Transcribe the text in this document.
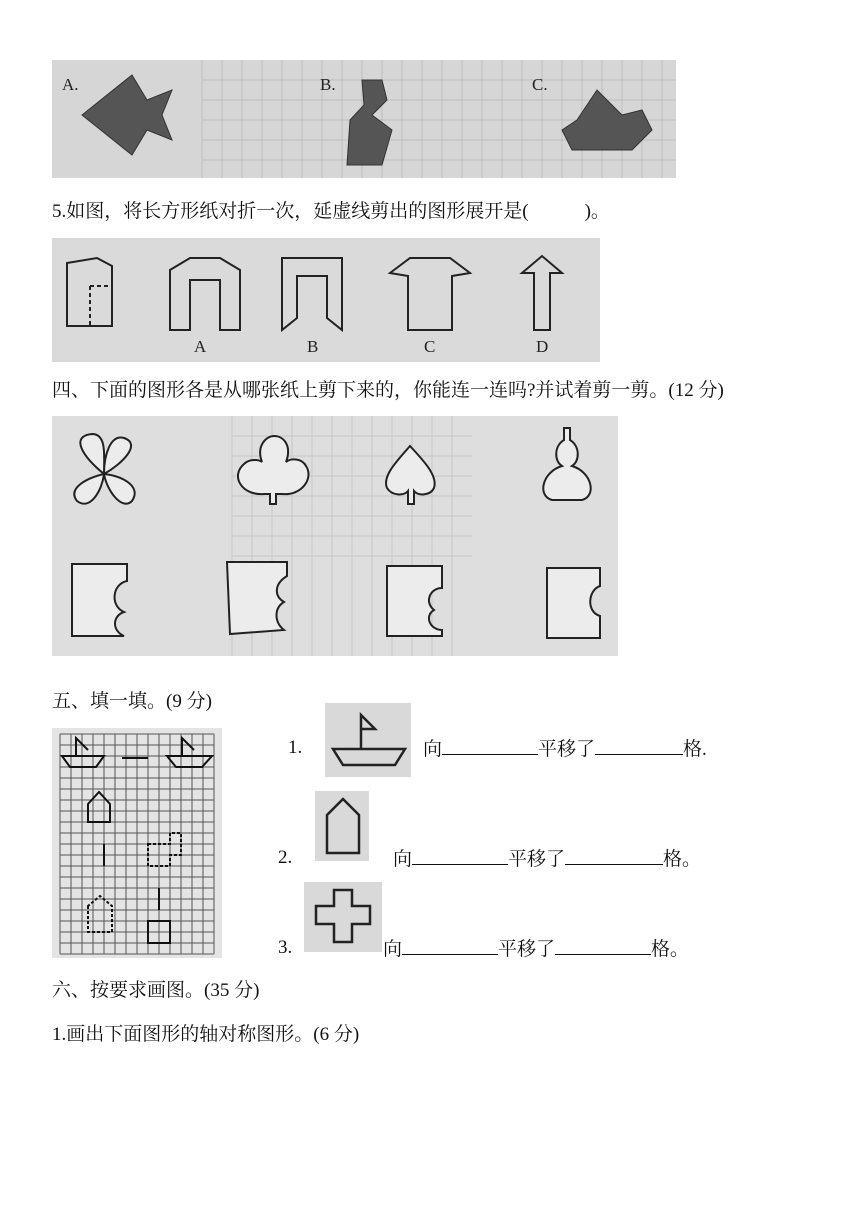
A.	B.	C.
5.如图，将长方形纸对折一次，延虚线剪出的图形展开是(	)。
A	B	C	D
四、下面的图形各是从哪张纸上剪下来的，你能连一连吗?并试着剪一剪。(12 分)
五、填一填。(9 分)
1.	向	平移了	格.
2.	向	平移了	格。
3.	向	平移了	格。
六、按要求画图。(35 分)
1.画出下面图形的轴对称图形。(6 分)
